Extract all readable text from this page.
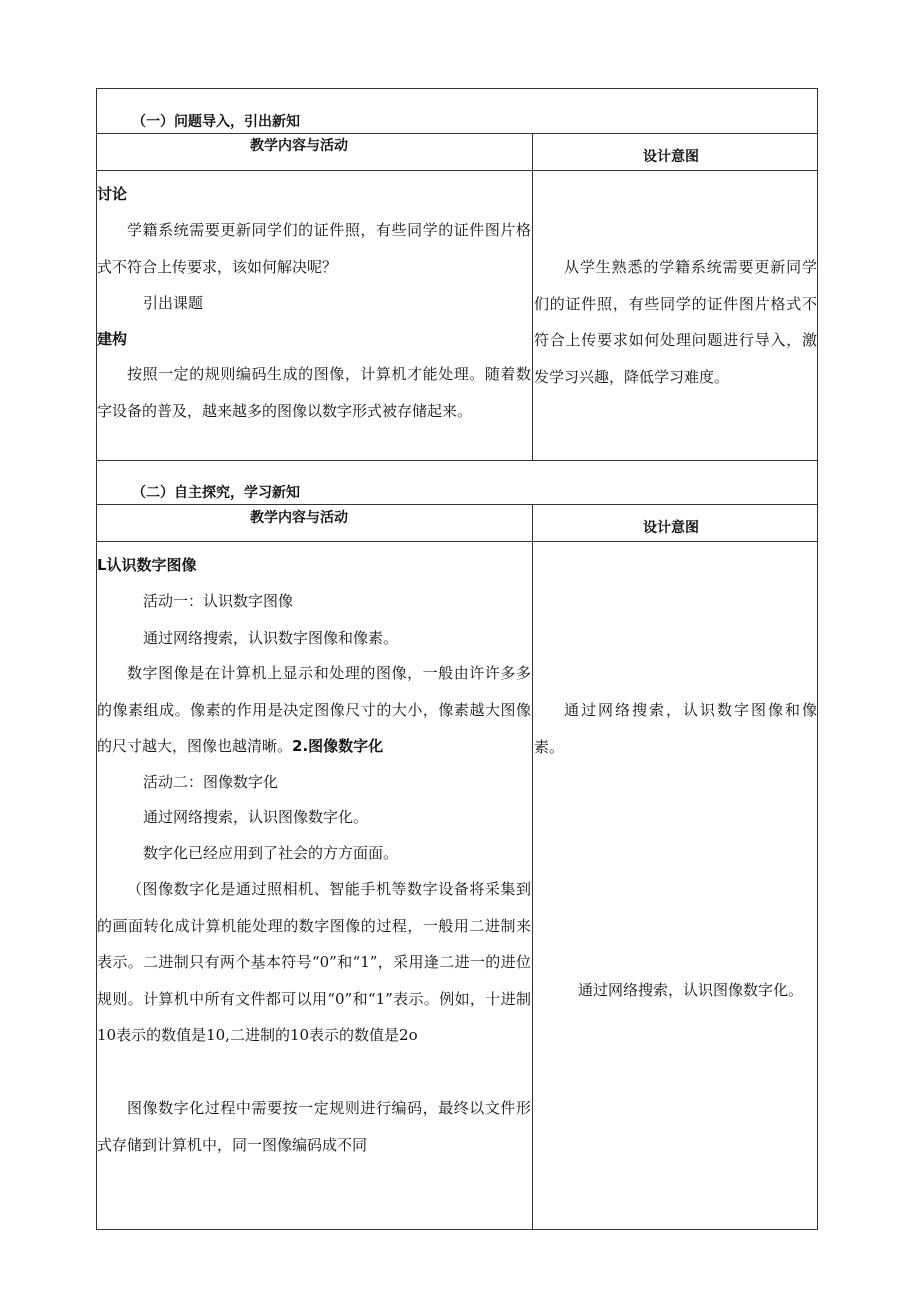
（一）问题导入，引出新知
教学内容与活动
设计意图
讨论

学籍系统需要更新同学们的证件照，有些同学的证件图片格式不符合上传要求，该如何解决呢？

引出课题
建构

按照一定的规则编码生成的图像，计算机才能处理。随着数字设备的普及，越来越多的图像以数字形式被存储起来。

从学生熟悉的学籍系统需要更新同学们的证件照，有些同学的证件图片格式不符合上传要求如何处理问题进行导入，激发学习兴趣，降低学习难度。

（二）自主探究，学习新知
教学内容与活动
设计意图
L认识数字图像
活动一：认识数字图像
通过网络搜索，认识数字图像和像素。

数字图像是在计算机上显示和处理的图像，一般由许许多多的像素组成。像素的作用是决定图像尺寸的大小，像素越大图像的尺寸越大，图像也越清晰。2.图像数字化

活动二：图像数字化
通过网络搜索，认识图像数字化。
数字化已经应用到了社会的方方面面。

（图像数字化是通过照相机、智能手机等数字设备将采集到的画面转化成计算机能处理的数字图像的过程，一般用二进制来表示。二进制只有两个基本符号“0”和“1”，采用逢二进一的进位规则。计算机中所有文件都可以用“0”和“1”表示。例如，十进制10表示的数值是10,二进制的10表示的数值是2o

图像数字化过程中需要按一定规则进行编码，最终以文件形式存储到计算机中，同一图像编码成不同

通过网络搜索，认识数字图像和像素。

通过网络搜索，认识图像数字化。
